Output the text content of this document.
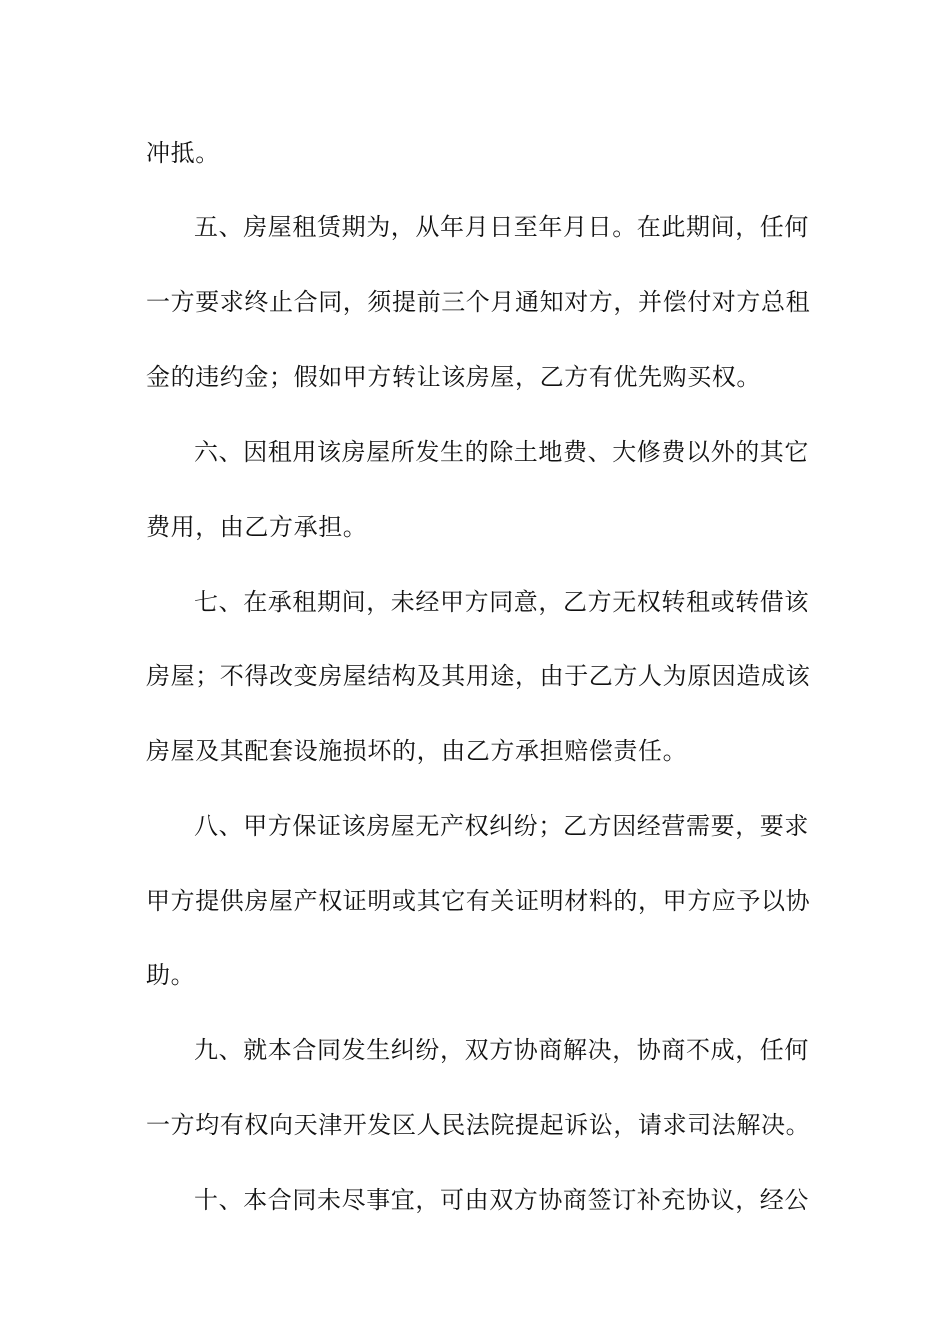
冲抵。
五、房屋租赁期为，从年月日至年月日。在此期间，任何
一方要求终止合同，须提前三个月通知对方，并偿付对方总租
金的违约金；假如甲方转让该房屋，乙方有优先购买权。
六、因租用该房屋所发生的除土地费、大修费以外的其它
费用，由乙方承担。
七、在承租期间，未经甲方同意，乙方无权转租或转借该
房屋；不得改变房屋结构及其用途，由于乙方人为原因造成该
房屋及其配套设施损坏的，由乙方承担赔偿责任。
八、甲方保证该房屋无产权纠纷；乙方因经营需要，要求
甲方提供房屋产权证明或其它有关证明材料的，甲方应予以协
助。
九、就本合同发生纠纷，双方协商解决，协商不成，任何
一方均有权向天津开发区人民法院提起诉讼，请求司法解决。
十、本合同未尽事宜，可由双方协商签订补充协议，经公
